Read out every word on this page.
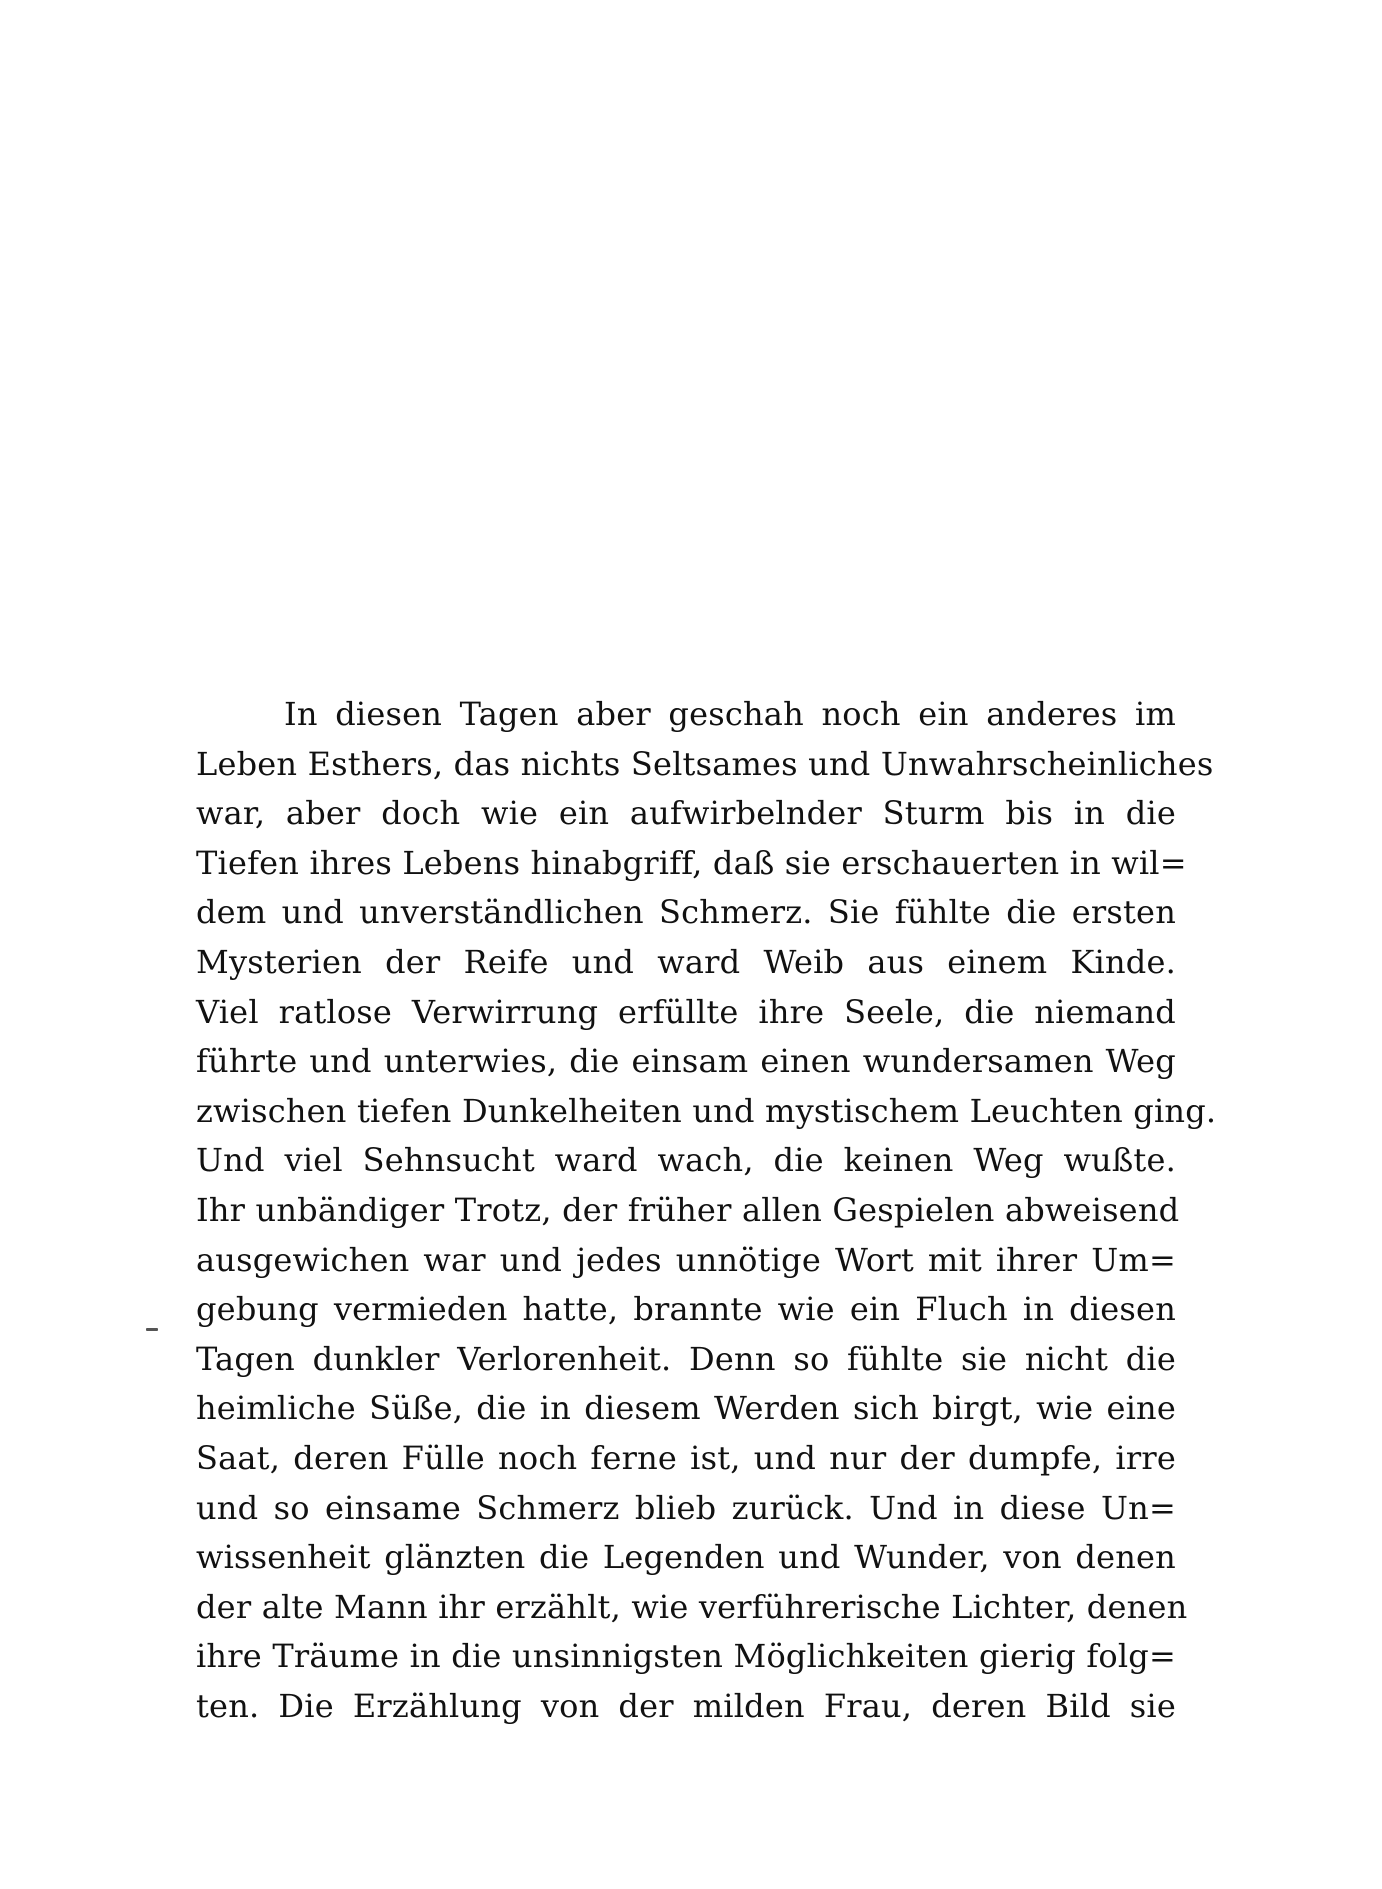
In diesen Tagen aber geschah noch ein anderes im
Leben Esthers, das nichts Seltsames und Unwahrscheinliches
war, aber doch wie ein aufwirbelnder Sturm bis in die
Tiefen ihres Lebens hinabgriff, daß sie erschauerten in wil=
dem und unverständlichen Schmerz. Sie fühlte die ersten
Mysterien der Reife und ward Weib aus einem Kinde.
Viel ratlose Verwirrung erfüllte ihre Seele, die niemand
führte und unterwies, die einsam einen wundersamen Weg
zwischen tiefen Dunkelheiten und mystischem Leuchten ging.
Und viel Sehnsucht ward wach, die keinen Weg wußte.
Ihr unbändiger Trotz, der früher allen Gespielen abweisend
ausgewichen war und jedes unnötige Wort mit ihrer Um=
gebung vermieden hatte, brannte wie ein Fluch in diesen
Tagen dunkler Verlorenheit. Denn so fühlte sie nicht die
heimliche Süße, die in diesem Werden sich birgt, wie eine
Saat, deren Fülle noch ferne ist, und nur der dumpfe, irre
und so einsame Schmerz blieb zurück. Und in diese Un=
wissenheit glänzten die Legenden und Wunder, von denen
der alte Mann ihr erzählt, wie verführerische Lichter, denen
ihre Träume in die unsinnigsten Möglichkeiten gierig folg=
ten. Die Erzählung von der milden Frau, deren Bild sie
